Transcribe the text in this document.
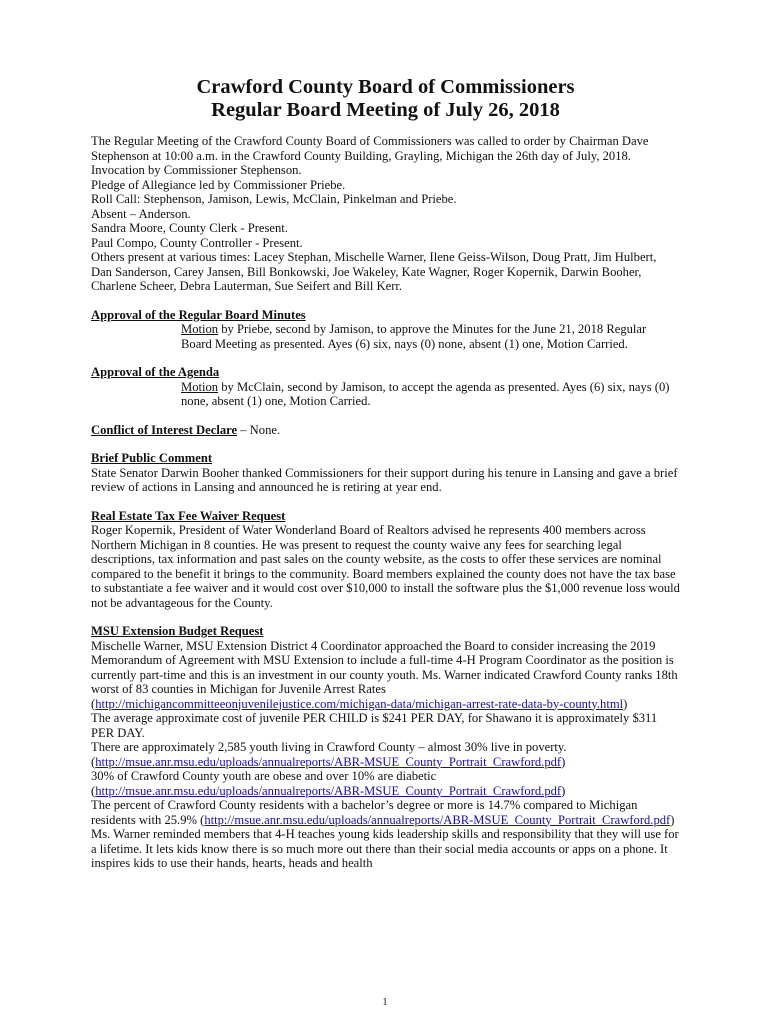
Crawford County Board of Commissioners
Regular Board Meeting of July 26, 2018

The Regular Meeting of the Crawford County Board of Commissioners was called to order by Chairman Dave Stephenson at 10:00 a.m. in the Crawford County Building, Grayling, Michigan the 26th day of July, 2018.

Invocation by Commissioner Stephenson.

Pledge of Allegiance led by Commissioner Priebe.

Roll Call: Stephenson, Jamison, Lewis, McClain, Pinkelman and Priebe.

Absent – Anderson.

Sandra Moore, County Clerk - Present.

Paul Compo, County Controller - Present.

Others present at various times: Lacey Stephan, Mischelle Warner, Ilene Geiss-Wilson, Doug Pratt, Jim Hulbert, Dan Sanderson, Carey Jansen, Bill Bonkowski, Joe Wakeley, Kate Wagner, Roger Kopernik, Darwin Booher, Charlene Scheer, Debra Lauterman, Sue Seifert and Bill Kerr.

Approval of the Regular Board Minutes

Motion by Priebe, second by Jamison, to approve the Minutes for the June 21, 2018 Regular Board Meeting as presented. Ayes (6) six, nays (0) none, absent (1) one, Motion Carried.

Approval of the Agenda

Motion by McClain, second by Jamison, to accept the agenda as presented. Ayes (6) six, nays (0) none, absent (1) one, Motion Carried.

Conflict of Interest Declare – None.

Brief Public Comment

State Senator Darwin Booher thanked Commissioners for their support during his tenure in Lansing and gave a brief review of actions in Lansing and announced he is retiring at year end.

Real Estate Tax Fee Waiver Request

Roger Kopernik, President of Water Wonderland Board of Realtors advised he represents 400 members across Northern Michigan in 8 counties. He was present to request the county waive any fees for searching legal descriptions, tax information and past sales on the county website, as the costs to offer these services are nominal compared to the benefit it brings to the community. Board members explained the county does not have the tax base to substantiate a fee waiver and it would cost over $10,000 to install the software plus the $1,000 revenue loss would not be advantageous for the County.

MSU Extension Budget Request

Mischelle Warner, MSU Extension District 4 Coordinator approached the Board to consider increasing the 2019 Memorandum of Agreement with MSU Extension to include a full-time 4-H Program Coordinator as the position is currently part-time and this is an investment in our county youth. Ms. Warner indicated Crawford County ranks 18th worst of 83 counties in Michigan for Juvenile Arrest Rates (http://michigancommitteeonjuvenilejustice.com/michigan-data/michigan-arrest-rate-data-by-county.html)

The average approximate cost of juvenile PER CHILD is $241 PER DAY, for Shawano it is approximately $311 PER DAY.

There are approximately 2,585 youth living in Crawford County – almost 30% live in poverty. (http://msue.anr.msu.edu/uploads/annualreports/ABR-MSUE_County_Portrait_Crawford.pdf)

30% of Crawford County youth are obese and over 10% are diabetic (http://msue.anr.msu.edu/uploads/annualreports/ABR-MSUE_County_Portrait_Crawford.pdf)

The percent of Crawford County residents with a bachelor’s degree or more is 14.7% compared to Michigan residents with 25.9% (http://msue.anr.msu.edu/uploads/annualreports/ABR-MSUE_County_Portrait_Crawford.pdf)

Ms. Warner reminded members that 4-H teaches young kids leadership skills and responsibility that they will use for a lifetime. It lets kids know there is so much more out there than their social media accounts or apps on a phone. It inspires kids to use their hands, hearts, heads and health

1
